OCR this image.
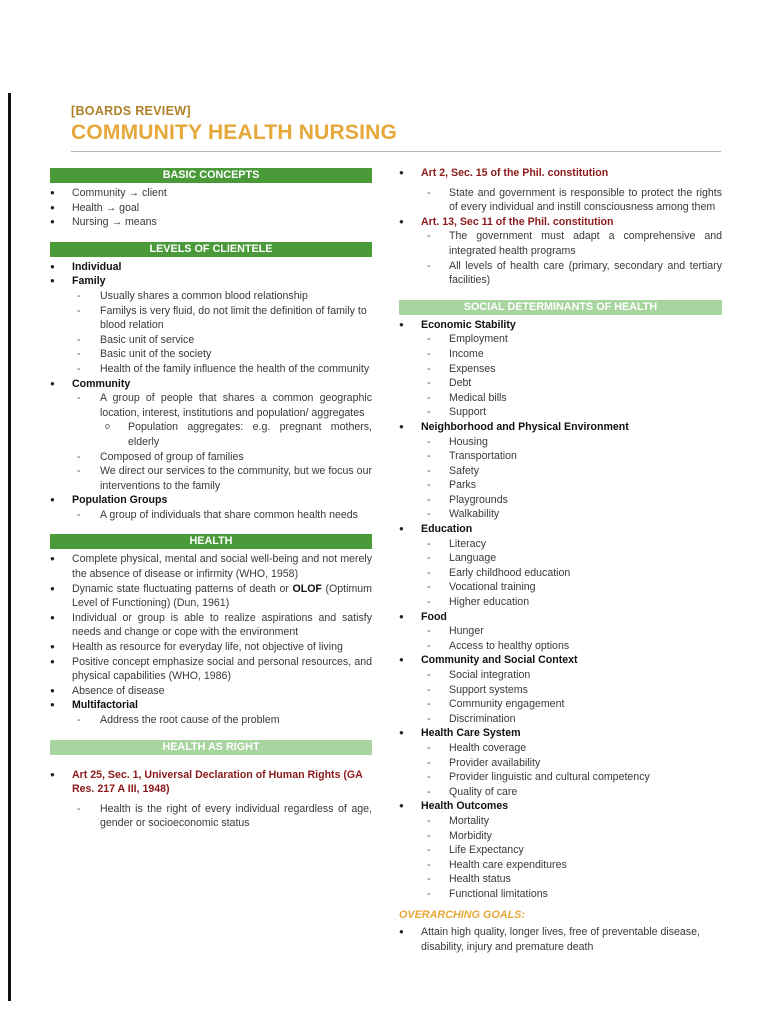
[BOARDS REVIEW]
COMMUNITY HEALTH NURSING
BASIC CONCEPTS
● Community → client
● Health → goal
● Nursing → means
LEVELS OF CLIENTELE
● Individual
● Family
- Usually shares a common blood relationship
- Familys is very fluid, do not limit the definition of family to blood relation
- Basic unit of service
- Basic unit of the society
- Health of the family influence the health of the community
● Community
- A group of people that shares a common geographic location, interest, institutions and population/ aggregates
o Population aggregates: e.g. pregnant mothers, elderly
- Composed of group of families
- We direct our services to the community, but we focus our interventions to the family
● Population Groups
- A group of individuals that share common health needs
HEALTH
● Complete physical, mental and social well-being and not merely the absence of disease or infirmity (WHO, 1958)
● Dynamic state fluctuating patterns of death or OLOF (Optimum Level of Functioning) (Dun, 1961)
● Individual or group is able to realize aspirations and satisfy needs and change or cope with the environment
● Health as resource for everyday life, not objective of living
● Positive concept emphasize social and personal resources, and physical capabilities (WHO, 1986)
● Absence of disease
● Multifactorial
- Address the root cause of the problem
HEALTH AS RIGHT
● Art 25, Sec. 1, Universal Declaration of Human Rights (GA Res. 217 A III, 1948)
- Health is the right of every individual regardless of age, gender or socioeconomic status
● Art 2, Sec. 15 of the Phil. constitution
- State and government is responsible to protect the rights of every individual and instill consciousness among them
● Art. 13, Sec 11 of the Phil. constitution
- The government must adapt a comprehensive and integrated health programs
- All levels of health care (primary, secondary and tertiary facilities)
SOCIAL DETERMINANTS OF HEALTH
● Economic Stability
- Employment
- Income
- Expenses
- Debt
- Medical bills
- Support
● Neighborhood and Physical Environment
- Housing
- Transportation
- Safety
- Parks
- Playgrounds
- Walkability
● Education
- Literacy
- Language
- Early childhood education
- Vocational training
- Higher education
● Food
- Hunger
- Access to healthy options
● Community and Social Context
- Social integration
- Support systems
- Community engagement
- Discrimination
● Health Care System
- Health coverage
- Provider availability
- Provider linguistic and cultural competency
- Quality of care
● Health Outcomes
- Mortality
- Morbidity
- Life Expectancy
- Health care expenditures
- Health status
- Functional limitations
OVERARCHING GOALS:
● Attain high quality, longer lives, free of preventable disease, disability, injury and premature death
